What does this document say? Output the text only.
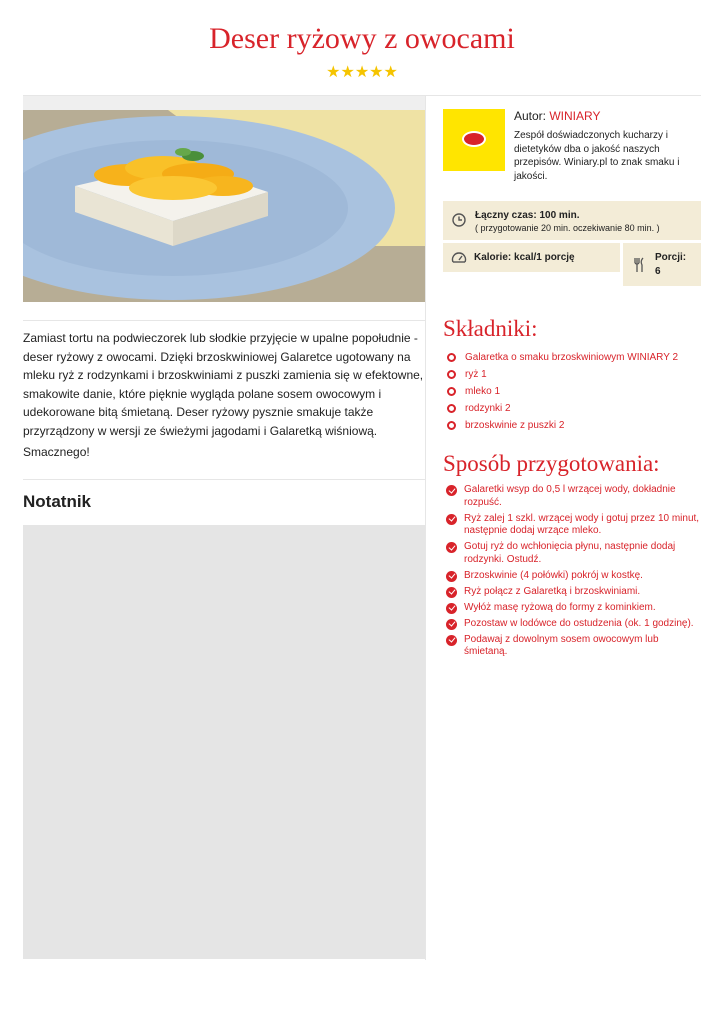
Deser ryżowy z owocami
★★★★★
Autor: WINIARY
Zespół doświadczonych kucharzy i dietetyków dba o jakość naszych przepisów. Winiary.pl to znak smaku i jakości.
Łączny czas: 100 min.
( przygotowanie 20 min. oczekiwanie 80 min. )
Kalorie: kcal/1 porcję	Porcji:
6

Zamiast tortu na podwieczorek lub słodkie przyjęcie w upalne popołudnie - deser ryżowy z owocami. Dzięki brzoskwiniowej Galaretce ugotowany na mleku ryż z rodzynkami i brzoskwiniami z puszki zamienia się w efektowne, smakowite danie, które pięknie wygląda polane sosem owocowym i udekorowane bitą śmietaną. Deser ryżowy pysznie smakuje także przyrządzony w wersji ze świeżymi jagodami i Galaretką wiśniową.

Smacznego!

Notatnik
Składniki:
Galaretka o smaku brzoskwiniowym WINIARY 2
ryż 1
mleko 1
rodzynki 2
brzoskwinie z puszki 2
Sposób przygotowania:
Galaretki wsyp do 0,5 l wrzącej wody, dokładnie rozpuść.
Ryż zalej 1 szkl. wrzącej wody i gotuj przez 10 minut, następnie dodaj wrzące mleko.
Gotuj ryż do wchłonięcia płynu, następnie dodaj rodzynki. Ostudź.
Brzoskwinie (4 połówki) pokrój w kostkę.
Ryż połącz z Galaretką i brzoskwiniami.
Wyłóż masę ryżową do formy z kominkiem.
Pozostaw w lodówce do ostudzenia (ok. 1 godzinę).
Podawaj z dowolnym sosem owocowym lub śmietaną.
